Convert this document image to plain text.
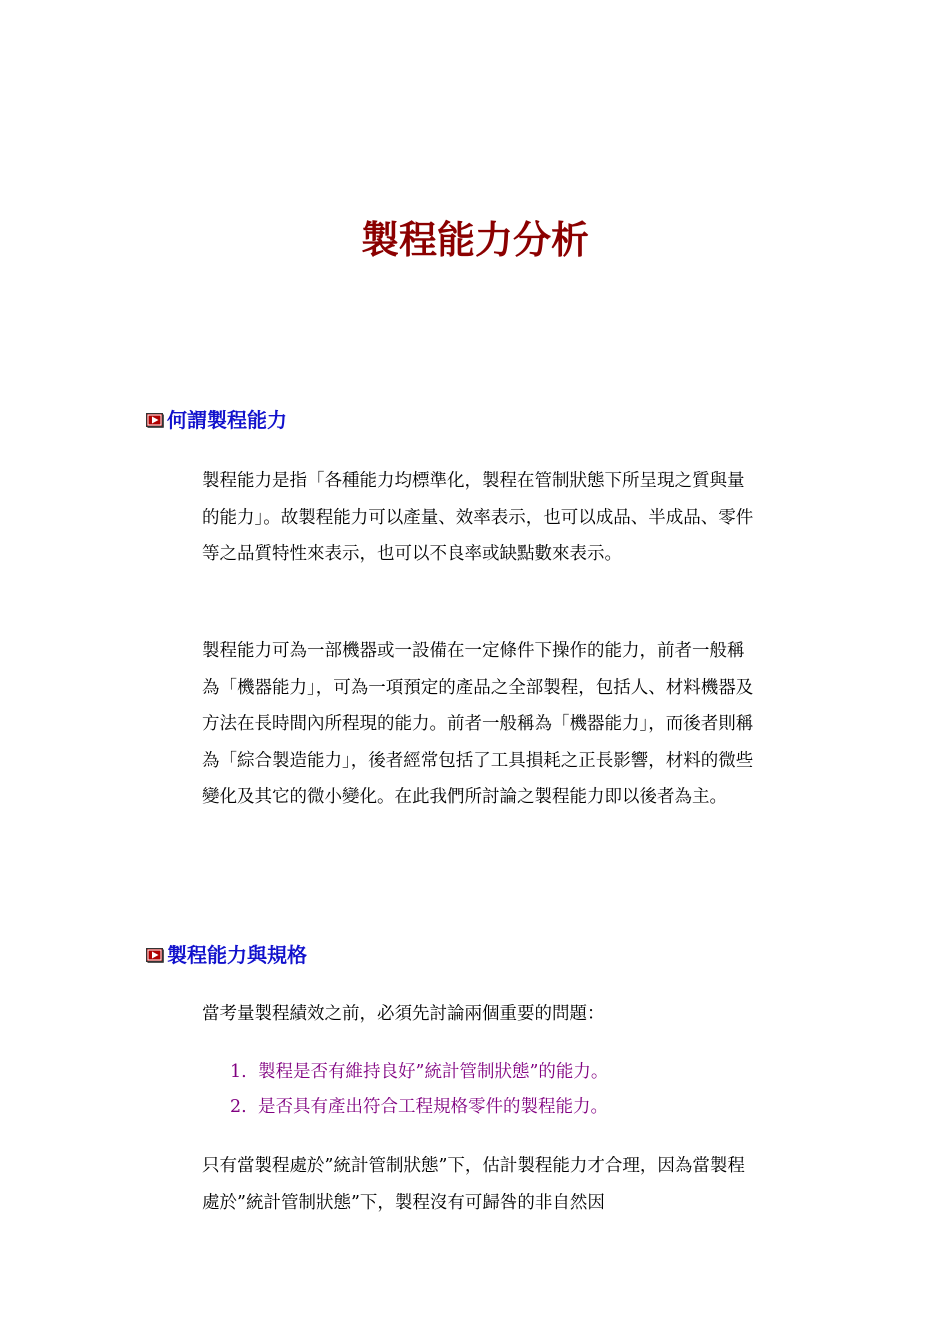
製程能力分析
何謂製程能力

製程能力是指「各種能力均標準化，製程在管制狀態下所呈現之質與量的能力」。故製程能力可以產量、效率表示，也可以成品、半成品、零件等之品質特性來表示，也可以不良率或缺點數來表示。

製程能力可為一部機器或一設備在一定條件下操作的能力，前者一般稱為「機器能力」，可為一項預定的產品之全部製程，包括人、材料機器及方法在長時間內所程現的能力。前者一般稱為「機器能力」，而後者則稱為「綜合製造能力」，後者經常包括了工具損耗之正長影響，材料的微些變化及其它的微小變化。在此我們所討論之製程能力即以後者為主。

製程能力與規格

當考量製程績效之前，必須先討論兩個重要的問題：

1. 製程是否有維持良好”統計管制狀態”的能力。
2. 是否具有產出符合工程規格零件的製程能力。

只有當製程處於”統計管制狀態”下，估計製程能力才合理，因為當製程處於”統計管制狀態”下，製程沒有可歸咎的非自然因
